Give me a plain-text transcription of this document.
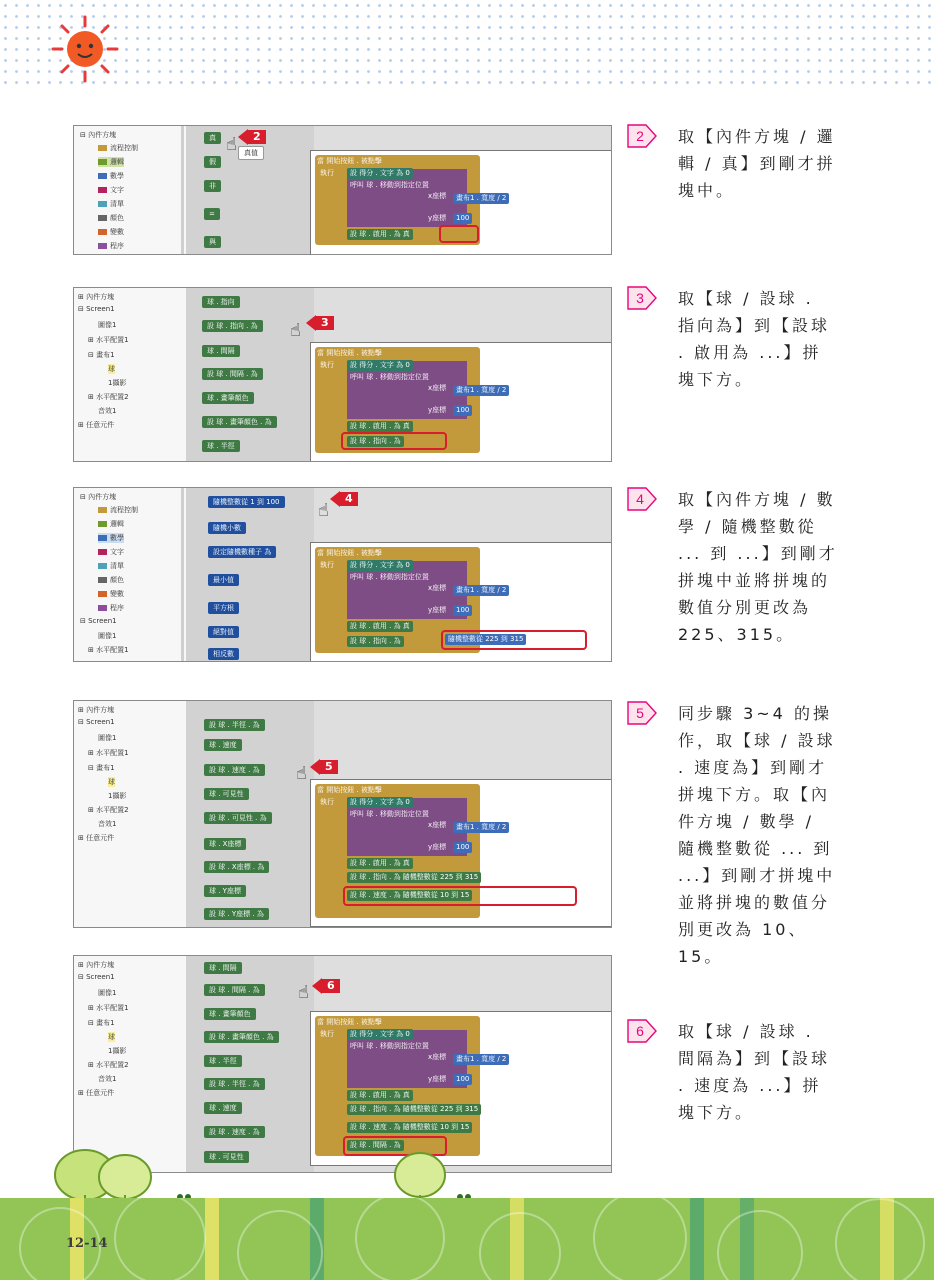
⊟ 內件方塊
流程控制
邏輯
數學
文字
清單
顏色
變數
程序
真
假
非
=
與
真值
2
☝
當 開始按鈕 . 被點擊
執行	設 得分 . 文字 為 0
呼叫 球 . 移動到指定位置
x座標	畫布1 . 寬度 / 2
y座標	100
設 球 . 啟用 . 為 真
⊞ 內件方塊
⊟ Screen1
圖像1
⊞ 水平配置1
⊟ 畫布1
球
1攝影
⊞ 水平配置2
音效1
⊞ 任意元件
球 . 指向
設 球 . 指向 . 為
球 . 間隔
設 球 . 間隔 . 為
球 . 畫筆顏色
設 球 . 畫筆顏色 . 為
球 . 半徑
3
☝
當 開始按鈕 . 被點擊
執行	設 得分 . 文字 為 0
呼叫 球 . 移動到指定位置
x座標	畫布1 . 寬度 / 2
y座標	100
設 球 . 啟用 . 為 真
設 球 . 指向 . 為
⊟ 內件方塊
流程控制
邏輯
數學
文字
清單
顏色
變數
程序
⊟ Screen1
圖像1
⊞ 水平配置1
隨機整數從 1 到 100
隨機小數
設定隨機數種子 為
最小值
平方根
絕對值
相反數
4
☝
當 開始按鈕 . 被點擊
執行	設 得分 . 文字 為 0
呼叫 球 . 移動到指定位置
x座標	畫布1 . 寬度 / 2
y座標	100
設 球 . 啟用 . 為 真
設 球 . 指向 . 為	隨機整數從 225 到 315
⊞ 內件方塊
⊟ Screen1
圖像1
⊞ 水平配置1
⊟ 畫布1
球
1攝影
⊞ 水平配置2
音效1
⊞ 任意元件
設 球 . 半徑 . 為
球 . 速度
設 球 . 速度 . 為
球 . 可見性
設 球 . 可見性 . 為
球 . X座標
設 球 . X座標 . 為
球 . Y座標
設 球 . Y座標 . 為
5
☝
當 開始按鈕 . 被點擊
執行	設 得分 . 文字 為 0
呼叫 球 . 移動到指定位置
x座標	畫布1 . 寬度 / 2
y座標	100
設 球 . 啟用 . 為 真
設 球 . 指向 . 為 隨機整數從 225 到 315
設 球 . 速度 . 為 隨機整數從 10 到 15
⊞ 內件方塊
⊟ Screen1
圖像1
⊞ 水平配置1
⊟ 畫布1
球
1攝影
⊞ 水平配置2
音效1
⊞ 任意元件
球 . 間隔
設 球 . 間隔 . 為
球 . 畫筆顏色
設 球 . 畫筆顏色 . 為
球 . 半徑
設 球 . 半徑 . 為
球 . 速度
設 球 . 速度 . 為
球 . 可見性
6
☝
當 開始按鈕 . 被點擊
執行	設 得分 . 文字 為 0
呼叫 球 . 移動到指定位置
x座標	畫布1 . 寬度 / 2
y座標	100
設 球 . 啟用 . 為 真
設 球 . 指向 . 為 隨機整數從 225 到 315
設 球 . 速度 . 為 隨機整數從 10 到 15
設 球 . 間隔 . 為
2 取【內件方塊 / 邏輯 / 真】到剛才拼塊中。
3 取【球 / 設球 . 指向為】到【設球 . 啟用為 ...】拼塊下方。
4 取【內件方塊 / 數學 / 隨機整數從 ... 到 ...】到剛才拼塊中並將拼塊的數值分別更改為 225、315。
5 同步驟 3~4 的操作，取【球 / 設球 . 速度為】到剛才拼塊下方。取【內件方塊 / 數學 / 隨機整數從 ... 到 ...】到剛才拼塊中並將拼塊的數值分別更改為 10、15。
6 取【球 / 設球 . 間隔為】到【設球 . 速度為 ...】拼塊下方。
12-14
